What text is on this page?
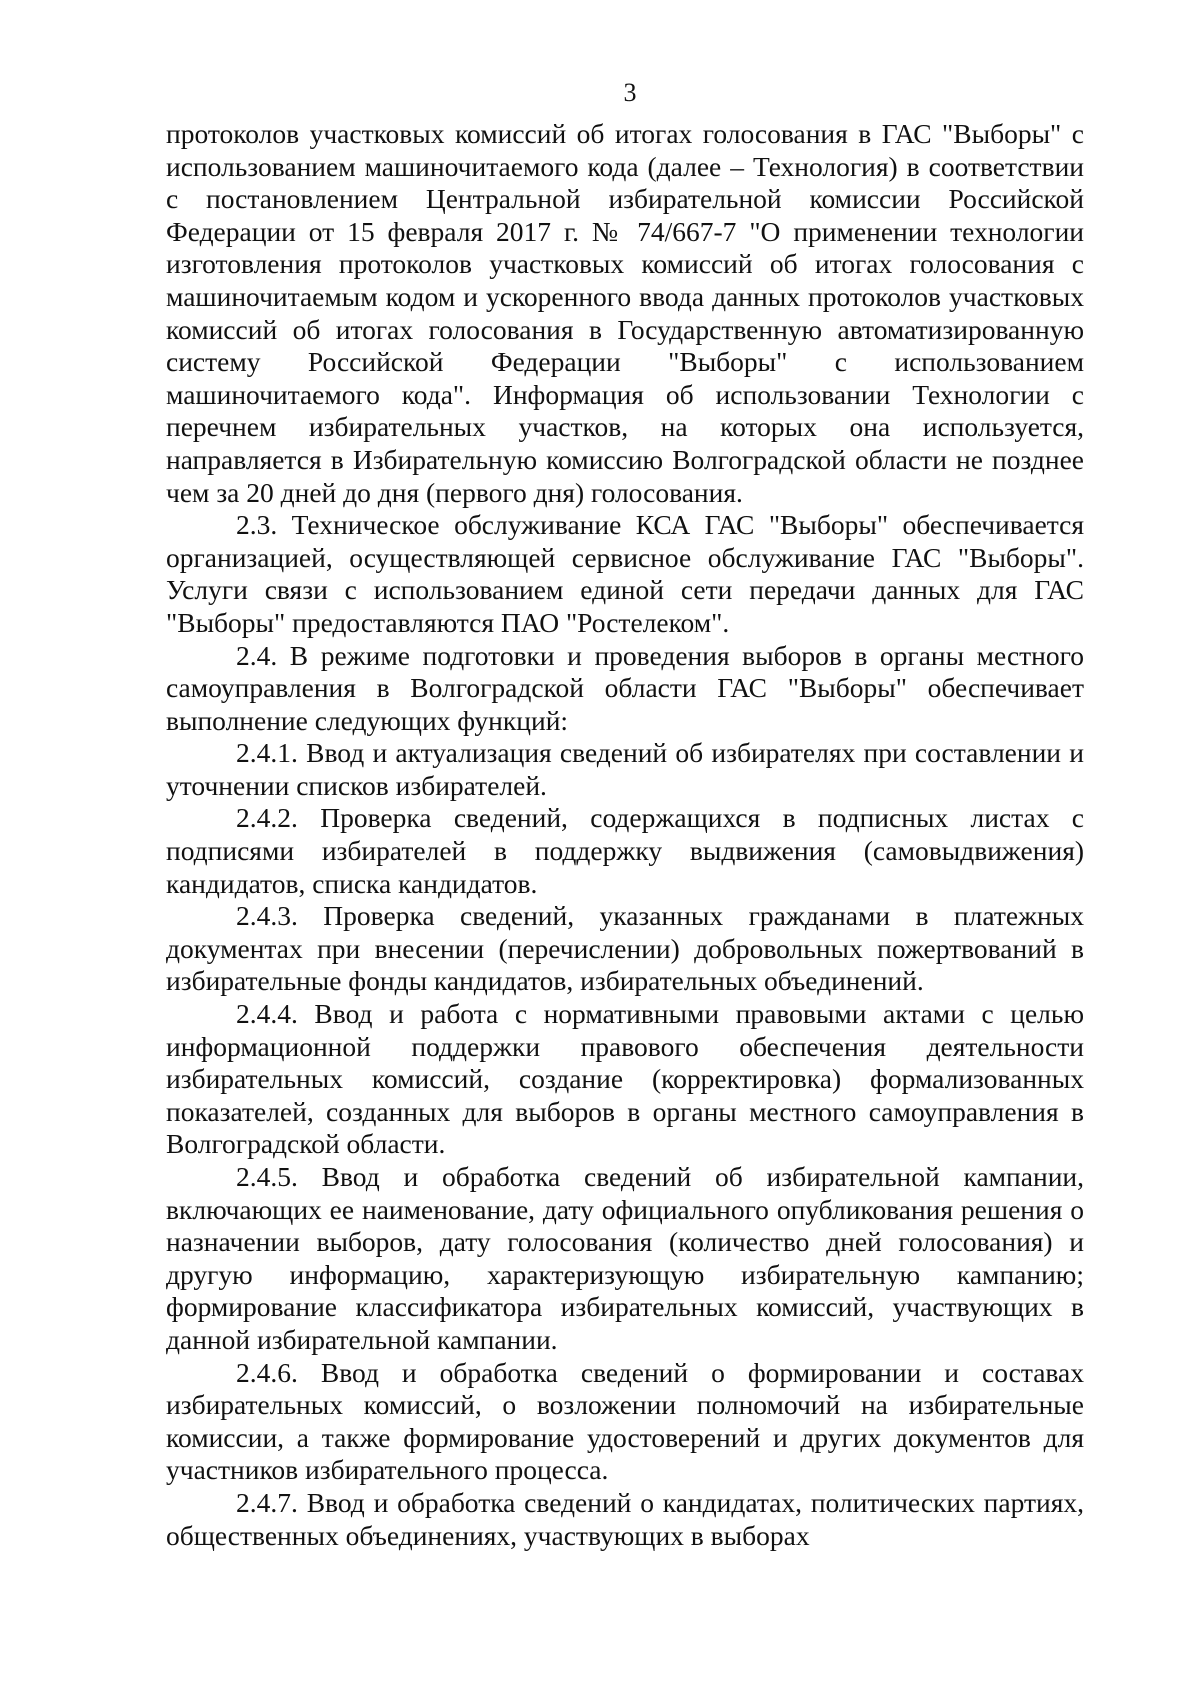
3

протоколов участковых комиссий об итогах голосования в ГАС "Выборы" с использованием машиночитаемого кода (далее – Технология) в соответствии с постановлением Центральной избирательной комиссии Российской Федерации от 15 февраля 2017 г. № 74/667-7 "О применении технологии изготовления протоколов участковых комиссий об итогах голосования с машиночитаемым кодом и ускоренного ввода данных протоколов участковых комиссий об итогах голосования в Государственную автоматизированную систему Российской Федерации "Выборы" с использованием машиночитаемого кода". Информация об использовании Технологии с перечнем избирательных участков, на которых она используется, направляется в Избирательную комиссию Волгоградской области не позднее чем за 20 дней до дня (первого дня) голосования.

2.3. Техническое обслуживание КСА ГАС "Выборы" обеспечивается организацией, осуществляющей сервисное обслуживание ГАС "Выборы". Услуги связи с использованием единой сети передачи данных для ГАС "Выборы" предоставляются ПАО "Ростелеком".

2.4. В режиме подготовки и проведения выборов в органы местного самоуправления в Волгоградской области ГАС "Выборы" обеспечивает выполнение следующих функций:

2.4.1. Ввод и актуализация сведений об избирателях при составлении и уточнении списков избирателей.

2.4.2. Проверка сведений, содержащихся в подписных листах с подписями избирателей в поддержку выдвижения (самовыдвижения) кандидатов, списка кандидатов.

2.4.3. Проверка сведений, указанных гражданами в платежных документах при внесении (перечислении) добровольных пожертвований в избирательные фонды кандидатов, избирательных объединений.

2.4.4. Ввод и работа с нормативными правовыми актами с целью информационной поддержки правового обеспечения деятельности избирательных комиссий, создание (корректировка) формализованных показателей, созданных для выборов в органы местного самоуправления в Волгоградской области.

2.4.5. Ввод и обработка сведений об избирательной кампании, включающих ее наименование, дату официального опубликования решения о назначении выборов, дату голосования (количество дней голосования) и другую информацию, характеризующую избирательную кампанию; формирование классификатора избирательных комиссий, участвующих в данной избирательной кампании.

2.4.6. Ввод и обработка сведений о формировании и составах избирательных комиссий, о возложении полномочий на избирательные комиссии, а также формирование удостоверений и других документов для участников избирательного процесса.

2.4.7. Ввод и обработка сведений о кандидатах, политических партиях, общественных объединениях, участвующих в выборах
